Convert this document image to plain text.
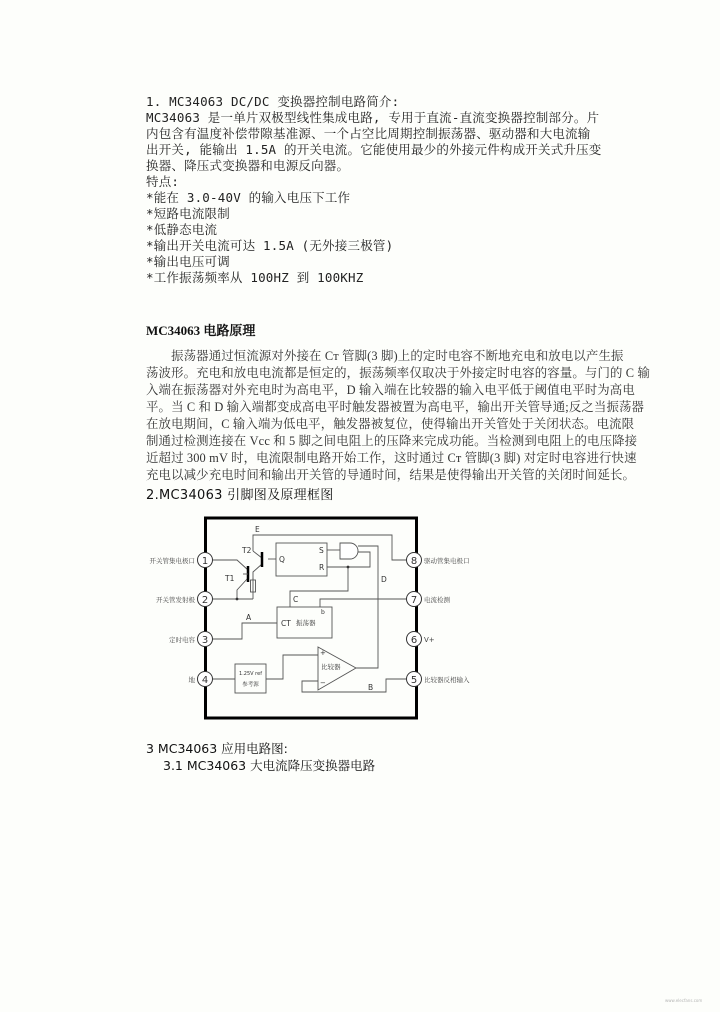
1. MC34063 DC/DC 变换器控制电路简介:
MC34063 是一单片双极型线性集成电路, 专用于直流-直流变换器控制部分。片
内包含有温度补偿带隙基准源、一个占空比周期控制振荡器、驱动器和大电流输
出开关, 能输出 1.5A 的开关电流。它能使用最少的外接元件构成开关式升压变
换器、降压式变换器和电源反向器。
特点:
*能在 3.0-40V 的输入电压下工作
*短路电流限制
*低静态电流
*输出开关电流可达 1.5A (无外接三极管)
*输出电压可调
*工作振荡频率从 100HZ 到 100KHZ
MC34063 电路原理

　　振荡器通过恒流源对外接在 Cт 管脚(3 脚)上的定时电容不断地充电和放电以产生振

荡波形。充电和放电电流都是恒定的，振荡频率仅取决于外接定时电容的容量。与门的 C 输

入端在振荡器对外充电时为高电平，D 输入端在比较器的输入电平低于阈值电平时为高电

平。当 C 和 D 输入端都变成高电平时触发器被置为高电平，输出开关管导通;反之当振荡器

在放电期间，C 输入端为低电平，触发器被复位，使得输出开关管处于关闭状态。电流限

制通过检测连接在 Vcc 和 5 脚之间电阻上的压降来完成功能。当检测到电阻上的电压降接

近超过 300 mV 时，电流限制电路开始工作，这时通过 Cт 管脚(3 脚) 对定时电容进行快速

充电以减少充电时间和输出开关管的导通时间，结果是使得输出开关管的关闭时间延长。

2.MC34063 引脚图及原理框图
1
开关管集电极口
2
开关管发射极
3
定时电容
4
地
8 驱动管集电极口
7 电流检测
6 V+
5 比较器反相输入
E
T2
T1
Q
S
R
C
D
b
CT 振荡器
A
+
−
比较器
1.25V ref
参考源	B
3 MC34063 应用电路图:
3.1 MC34063 大电流降压变换器电路
www.elecfans.com
